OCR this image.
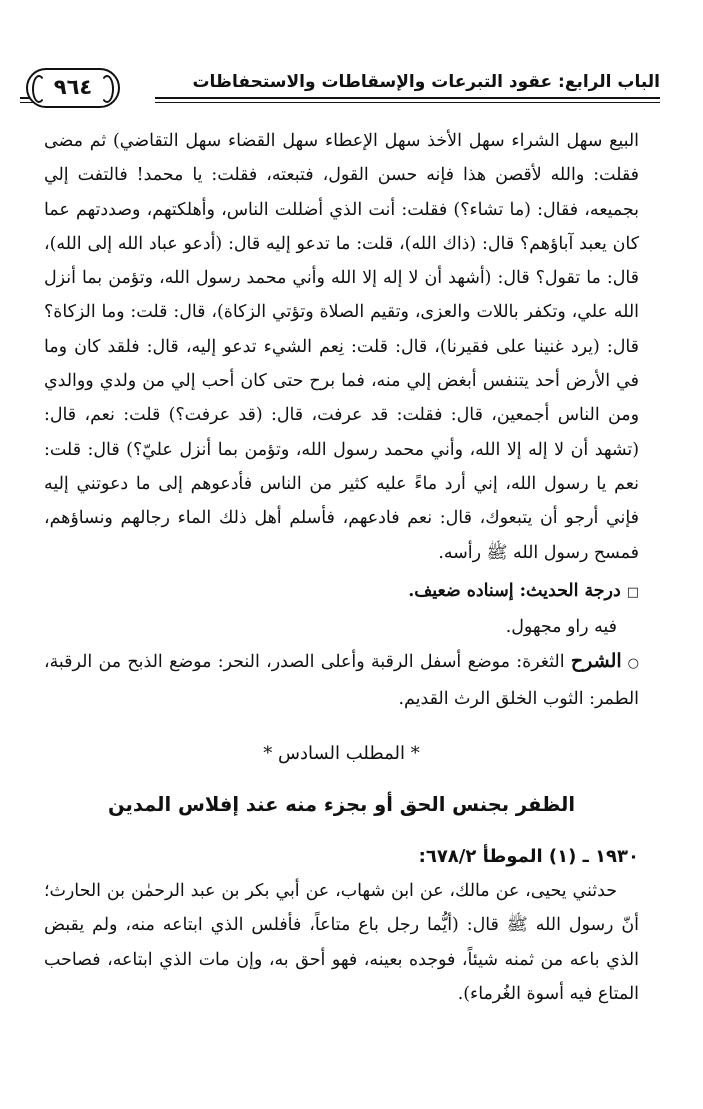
٩٦٤	الباب الرابع: عقود التبرعات والإسقاطات والاستحفاظات

البيع سهل الشراء سهل الأخذ سهل الإعطاء سهل القضاء سهل التقاضي) ثم مضى فقلت: والله لأقصن هذا فإنه حسن القول، فتبعته، فقلت: يا محمد! فالتفت إلي بجميعه، فقال: (ما تشاء؟) فقلت: أنت الذي أضللت الناس، وأهلكتهم، وصددتهم عما كان يعبد آباؤهم؟ قال: (ذاك الله)، قلت: ما تدعو إليه قال: (أدعو عباد الله إلى الله)، قال: ما تقول؟ قال: (أشهد أن لا إله إلا الله وأني محمد رسول الله، وتؤمن بما أنزل الله علي، وتكفر باللات والعزى، وتقيم الصلاة وتؤتي الزكاة)، قال: قلت: وما الزكاة؟ قال: (يرد غنينا على فقيرنا)، قال: قلت: نِعم الشيء تدعو إليه، قال: فلقد كان وما في الأرض أحد يتنفس أبغض إلي منه، فما برح حتى كان أحب إلي من ولدي ووالدي ومن الناس أجمعين، قال: فقلت: قد عرفت، قال: (قد عرفت؟) قلت: نعم، قال: (تشهد أن لا إله إلا الله، وأني محمد رسول الله، وتؤمن بما أنزل عليّ؟) قال: قلت: نعم يا رسول الله، إني أرد ماءً عليه كثير من الناس فأدعوهم إلى ما دعوتني إليه فإني أرجو أن يتبعوك، قال: نعم فادعهم، فأسلم أهل ذلك الماء رجالهم ونساؤهم، فمسح رسول الله ﷺ رأسه.

□درجة الحديث: إسناده ضعيف.

فيه راو مجهول.

○الشرح الثغرة: موضع أسفل الرقبة وأعلى الصدر، النحر: موضع الذبح من الرقبة، الطمر: الثوب الخلق الرث القديم.

* المطلب السادس *

الظفر بجنس الحق أو بجزء منه عند إفلاس المدين

١٩٣٠ ـ (١) الموطأ ٦٧٨/٢:

حدثني يحيى، عن مالك، عن ابن شهاب، عن أبي بكر بن عبد الرحمٰن بن الحارث؛ أنّ رسول الله ﷺ قال: (أيُّما رجل باع متاعاً، فأفلس الذي ابتاعه منه، ولم يقبض الذي باعه من ثمنه شيئاً، فوجده بعينه، فهو أحق به، وإن مات الذي ابتاعه، فصاحب المتاع فيه أسوة الغُرماء).
